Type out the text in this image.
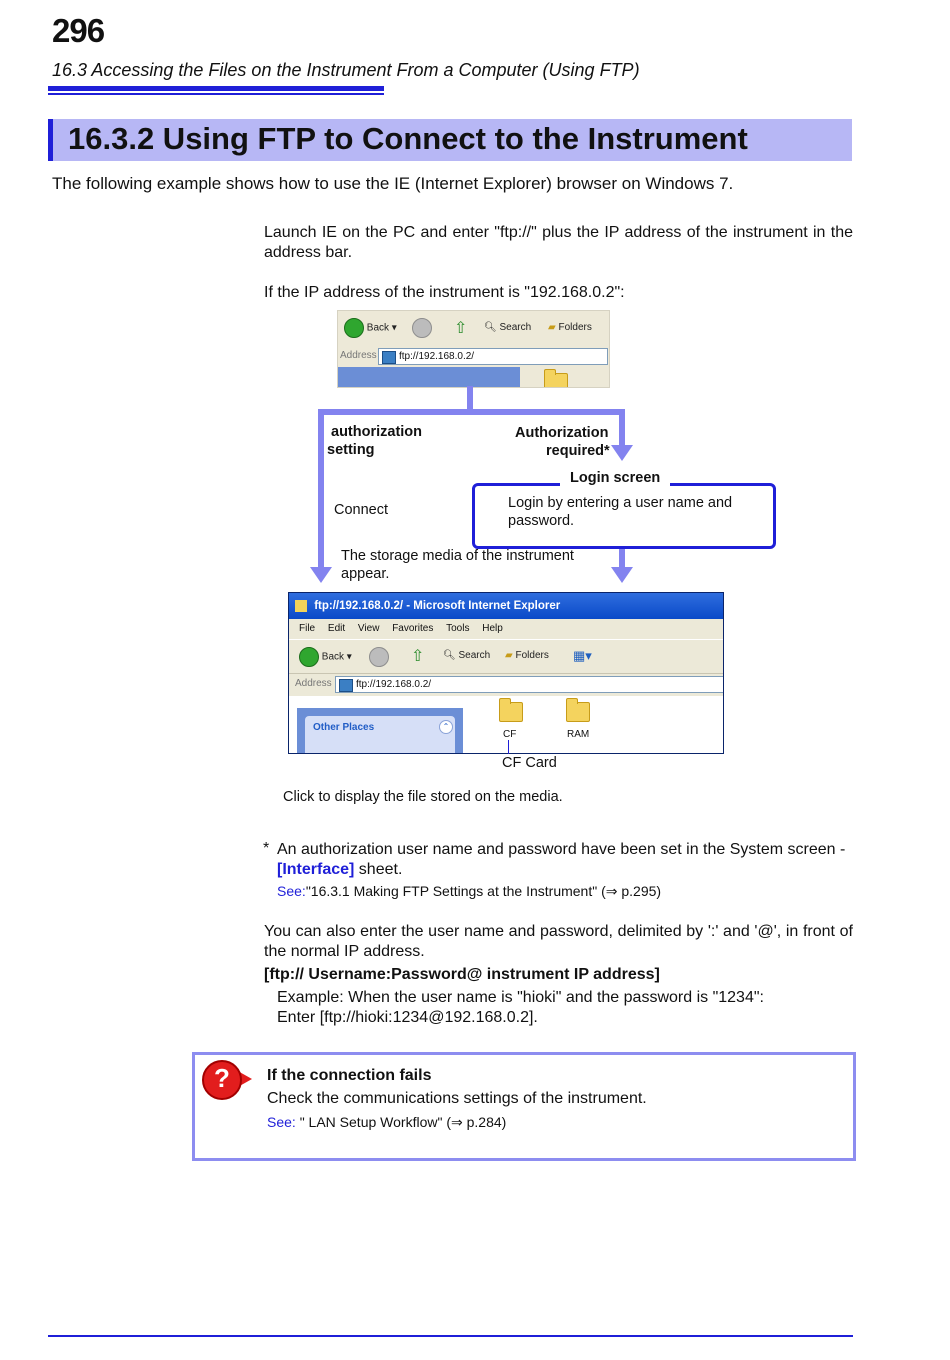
296
16.3 Accessing the Files on the Instrument From a Computer (Using FTP)
16.3.2 Using FTP to Connect to the Instrument
The following example shows how to use the IE (Internet Explorer) browser on Windows 7.
Launch IE on the PC and enter "ftp://" plus the IP address of the instrument in the address bar.
If the IP address of the instrument is "192.168.0.2":
Back ▾	⇧ 🔍︎ Search ▰ Folders
Address	ftp://192.168.0.2/
authorization
setting
Authorization
required*
Login screen
Login by entering a user name and password.
Connect
The storage media of the instrument appear.
ftp://192.168.0.2/ - Microsoft Internet Explorer
File Edit View Favorites Tools Help
Back ▾	⇧ 🔍︎ Search ▰ Folders ▦▾
Address	ftp://192.168.0.2/
Other Places	⌃
CF	RAM
CF Card
Click to display the file stored on the media.
* An authorization user name and password have been set in the System screen - [Interface] sheet.
See:"16.3.1 Making FTP Settings at the Instrument" (⇒ p.295)
You can also enter the user name and password, delimited by ':' and '@', in front of the normal IP address.
[ftp:// Username:Password@ instrument IP address]
Example: When the user name is "hioki" and the password is "1234":
Enter [ftp://hioki:1234@192.168.0.2].
?	If the connection fails
Check the communications settings of the instrument.
See: " LAN Setup Workflow" (⇒ p.284)
